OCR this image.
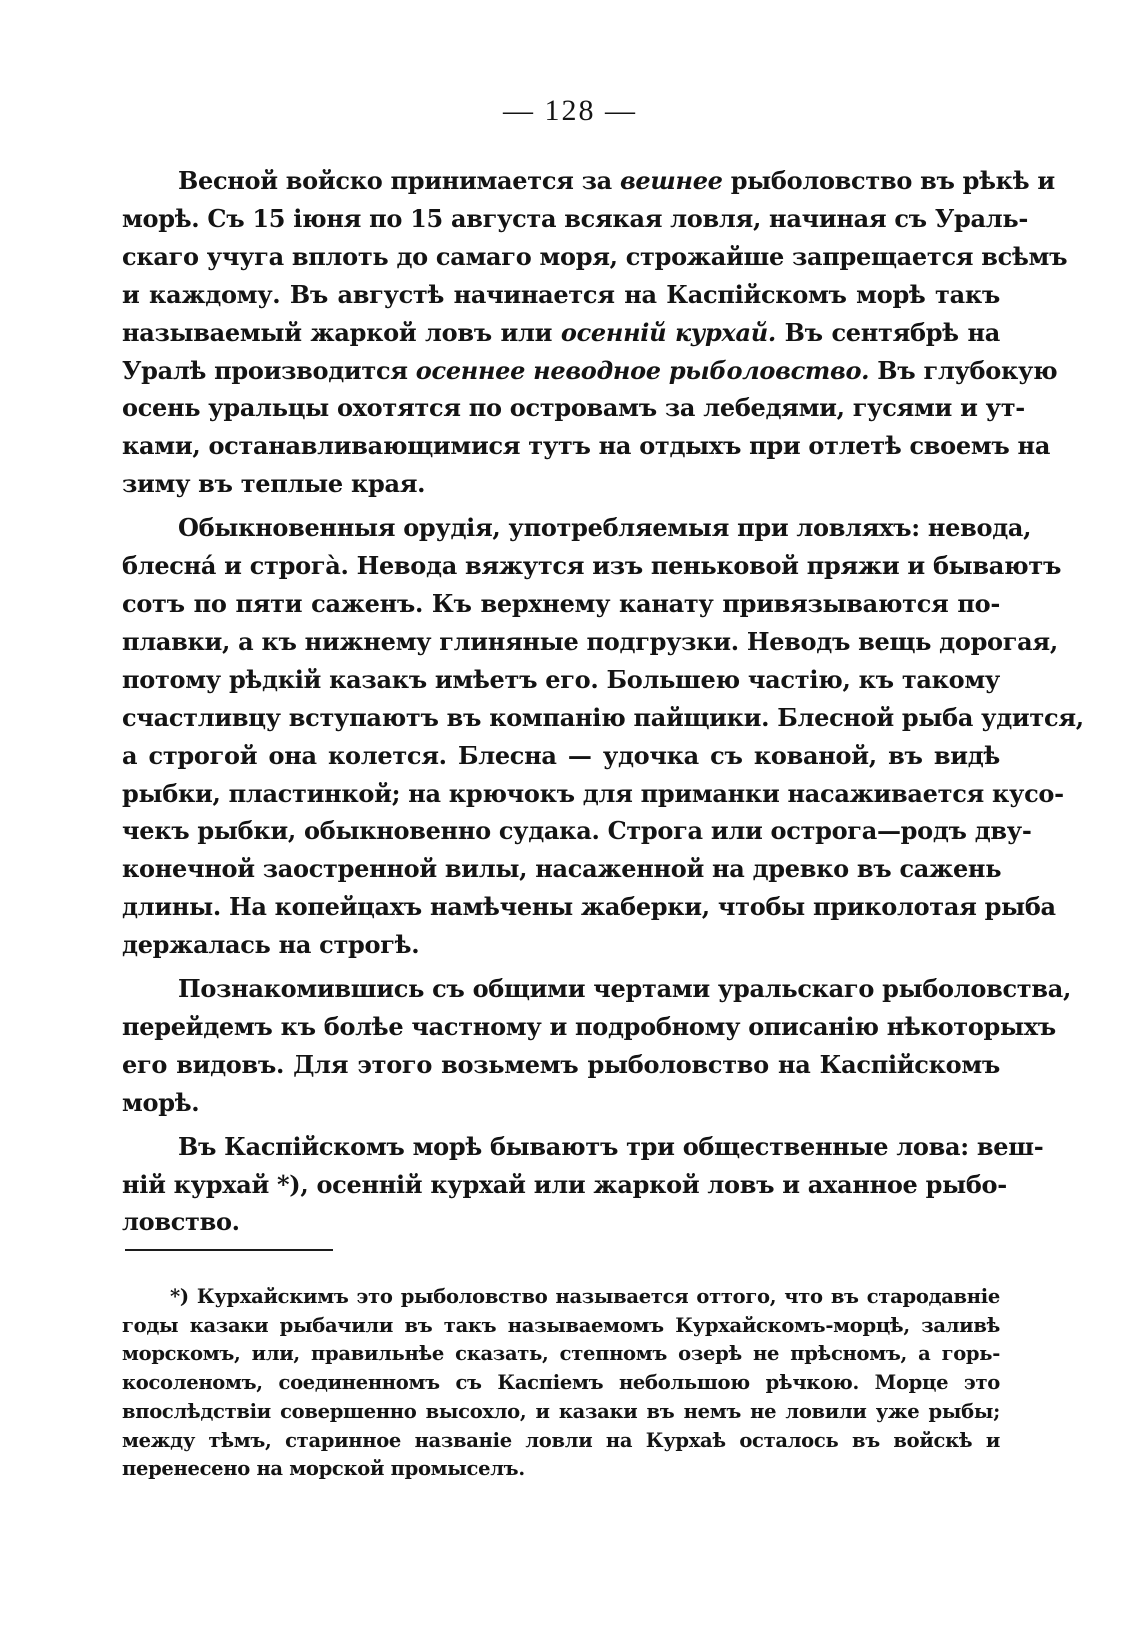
— 128 —
Весной войско принимается за вешнее рыболовство въ рѣкѣ и
морѣ. Съ 15 іюня по 15 августа всякая ловля, начиная съ Ураль-
скаго учуга вплоть до самаго моря, строжайше запрещается всѣмъ
и каждому. Въ августѣ начинается на Каспійскомъ морѣ такъ
называемый жаркой ловъ или осенній курхай. Въ сентябрѣ на
Уралѣ производится осеннее неводное рыболовство. Въ глубокую
осень уральцы охотятся по островамъ за лебедями, гусями и ут-
ками, останавливающимися тутъ на отдыхъ при отлетѣ своемъ на
зиму въ теплые края.
Обыкновенныя орудія, употребляемыя при ловляхъ: невода,
блеснá и строгà. Невода вяжутся изъ пеньковой пряжи и бываютъ
сотъ по пяти саженъ. Къ верхнему канату привязываются по-
плавки, а къ нижнему глиняные подгрузки. Неводъ вещь дорогая,
потому рѣдкій казакъ имѣетъ его. Большею частію, къ такому
счастливцу вступаютъ въ компанію пайщики. Блесной рыба удится,
а строгой она колется. Блесна — удочка съ кованой, въ видѣ
рыбки, пластинкой; на крючокъ для приманки насаживается кусо-
чекъ рыбки, обыкновенно судака. Строга или острога—родъ дву-
конечной заостренной вилы, насаженной на древко въ сажень
длины. На копейцахъ намѣчены жаберки, чтобы приколотая рыба
держалась на строгѣ.
Познакомившись съ общими чертами уральскаго рыболовства,
перейдемъ къ болѣе частному и подробному описанію нѣкоторыхъ
его видовъ. Для этого возьмемъ рыболовство на Каспійскомъ
морѣ.
Въ Каспійскомъ морѣ бываютъ три общественные лова: веш-
ній курхай *), осенній курхай или жаркой ловъ и аханное рыбо-
ловство.
*) Курхайскимъ это рыболовство называется оттого, что въ стародавніе
годы казаки рыбачили въ такъ называемомъ Курхайскомъ-морцѣ, заливѣ
морскомъ, или, правильнѣе сказать, степномъ озерѣ не прѣсномъ, а горь-
косоленомъ, соединенномъ съ Каспіемъ небольшою рѣчкою. Морце это
впослѣдствіи совершенно высохло, и казаки въ немъ не ловили уже рыбы;
между тѣмъ, старинное названіе ловли на Курхаѣ осталось въ войскѣ и
перенесено на морской промыселъ.
